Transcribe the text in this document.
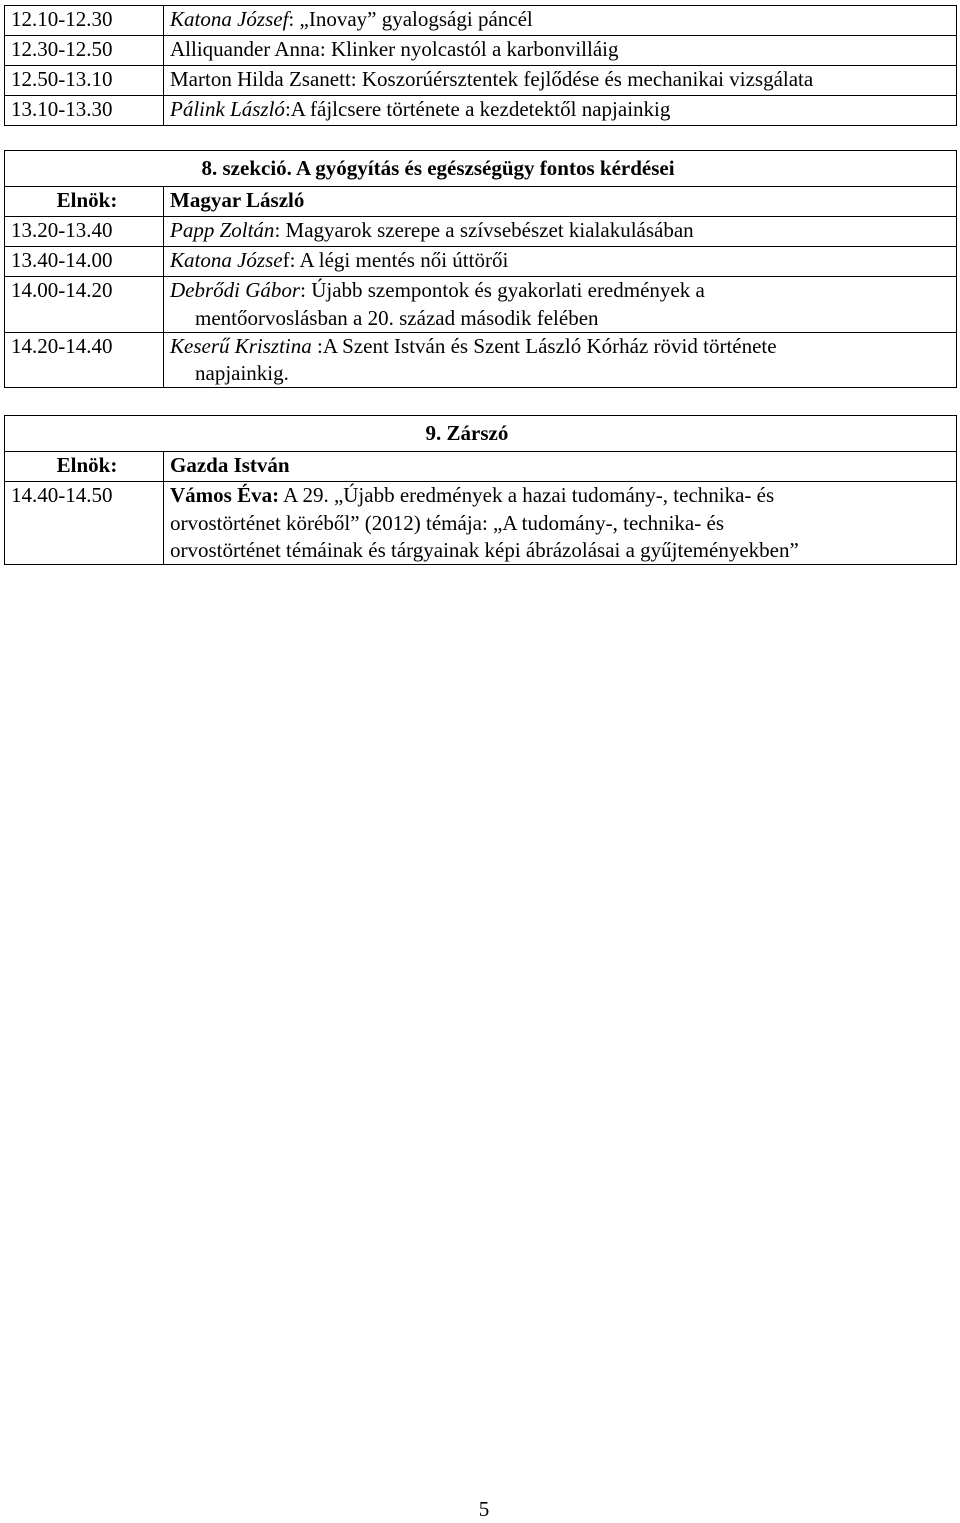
12.10-12.30	Katona József: „Inovay” gyalogsági páncél
12.30-12.50	Alliquander Anna: Klinker nyolcastól a karbonvilláig
12.50-13.10	Marton Hilda Zsanett: Koszorúérsztentek fejlődése és mechanikai vizsgálata
13.10-13.30	Pálink László:A fájlcsere története a kezdetektől napjainkig
	8. szekció. A gyógyítás és egészségügy fontos kérdései
Elnök:	Magyar László
13.20-13.40	Papp Zoltán: Magyarok szerepe a szívsebészet kialakulásában
13.40-14.00	Katona József: A légi mentés női úttörői
14.00-14.20	Debrődi Gábor: Újabb szempontok és gyakorlati eredmények a
mentőorvoslásban a 20. század második felében
14.20-14.40	Keserű Krisztina :A Szent István és Szent László Kórház rövid története
napjainkig.
	9. Zárszó
Elnök:	Gazda István
14.40-14.50	Vámos Éva: A 29. „Újabb eredmények a hazai tudomány-, technika- és
orvostörténet köréből” (2012) témája: „A tudomány-, technika- és
orvostörténet témáinak és tárgyainak képi ábrázolásai a gyűjteményekben”
5
